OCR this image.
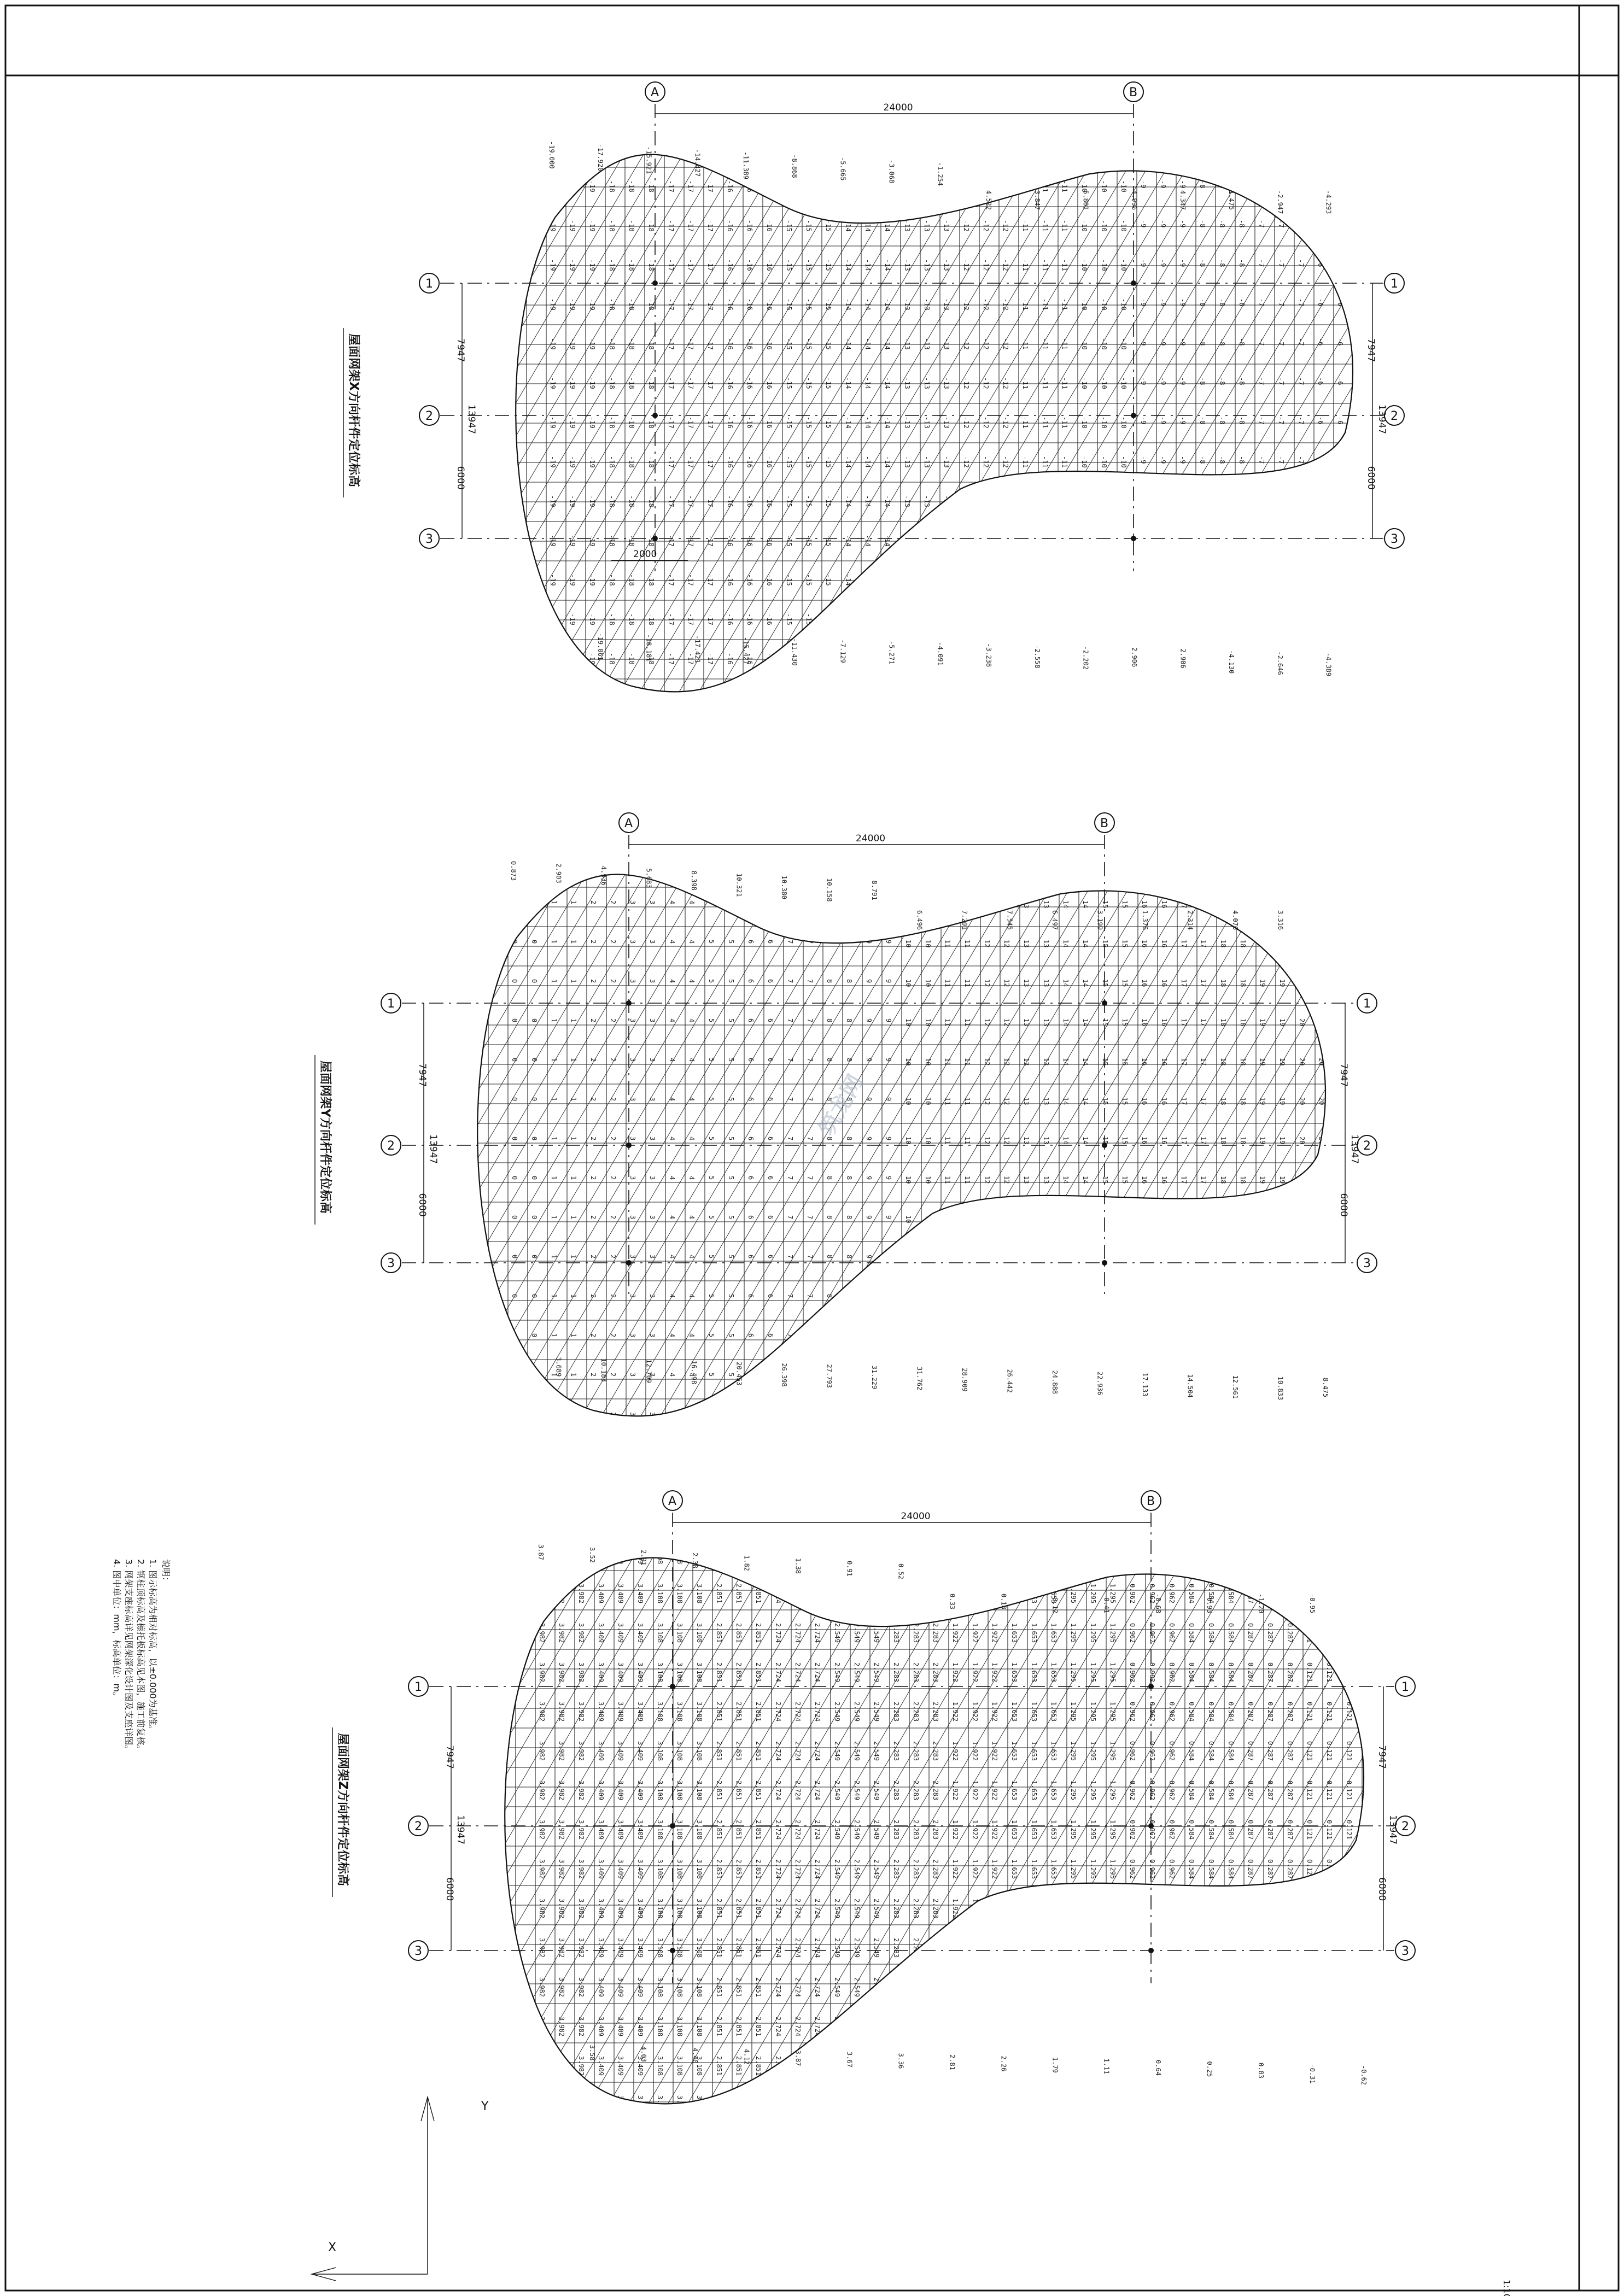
-19
-19
-19
-19
-19
-19
-19
-19
-19
-19
-19
-19
-19
-19
-19
-19
-19
-19
-19
-19
-19
-19
-19
-19
-19
-19
-19
-19
-19
-19
-19
-19
-19
-19
-19
-19
-19
-19
-19
-19
-19
-19
-19
-19
-19
-18
-18
-18
-18
-18
-18
-18
-18
-18
-18
-18
-18
-18
-18
-18
-18
-18
-18
-18
-18
-18
-18
-18
-18
-18
-18
-18
-18
-18
-18
-18
-18
-18
-18
-18
-18
-18
-18
-18
-18
-18
-18
-18
-18
-18
-17
-17
-17
-17
-17
-17
-17
-17
-17
-17
-17
-17
-17
-17
-17
-17
-17
-17
-17
-17
-17
-17
-17
-17
-17
-17
-17
-17
-17
-17
-17
-17
-17
-17
-17
-17
-17
-17
-17
-17
-17
-17
-17
-17
-17
-16
-16
-16
-16
-16
-16
-16
-16
-16
-16
-16
-16
-16
-16
-16
-16
-16
-16
-16
-16
-16
-16
-16
-16
-16
-16
-16
-16
-16
-16
-16
-16
-16
-16
-16
-16
-16
-16
-16
-16
-16
-16
-16
-16
-16
-15
-15
-15
-15
-15
-15
-15
-15
-15
-15
-15
-15
-15
-15
-15
-15
-15
-15
-15
-15
-15
-15
-15
-15
-15
-15
-15
-15
-15
-15
-15
-15
-15
-15
-15
-15
-15
-15
-15
-15
-15
-15
-15
-15
-15
-14
-14
-14
-14
-14
-14
-14
-14
-14
-14
-14
-14
-14
-14
-14
-14
-14
-14
-14
-14
-14
-14
-14
-14
-14
-14
-14
-14
-14
-14
-14
-14
-14
-14
-14
-14
-14
-14
-14
-14
-14
-14
-14
-14
-14
-13
-13
-13
-13
-13
-13
-13
-13
-13
-13
-13
-13
-13
-13
-13
-13
-13
-13
-13
-13
-13
-13
-13
-13
-13
-13
-13
-13
-13
-13
-13
-13
-13
-13
-13
-13
-13
-13
-13
-13
-13
-13
-13
-13
-13
-12
-12
-12
-12
-12
-12
-12
-12
-12
-12
-12
-12
-12
-12
-12
-12
-12
-12
-12
-12
-12
-12
-12
-12
-12
-12
-12
-12
-12
-12
-12
-12
-12
-12
-12
-12
-12
-12
-12
-12
-12
-12
-12
-12
-12
-11
-11
-11
-11
-11
-11
-11
-11
-11
-11
-11
-11
-11
-11
-11
-11
-11
-11
-11
-11
-11
-11
-11
-11
-11
-11
-11
-11
-11
-11
-11
-11
-11
-11
-11
-11
-11
-11
-11
-11
-11
-11
-11
-11
-11
-10
-10
-10
-10
-10
-10
-10
-10
-10
-10
-10
-10
-10
-10
-10
-10
-10
-10
-10
-10
-10
-10
-10
-10
-10
-10
-10
-10
-10
-10
-10
-10
-10
-10
-10
-10
-10
-10
-10
-10
-10
-10
-10
-10
-10
-9
-9
-9
-9
-9
-9
-9
-9
-9
-9
-9
-9
-9
-9
-9
-9
-9
-9
-9
-9
-9
-9
-9
-9
-9
-9
-9
-9
-9
-9
-9
-9
-9
-9
-9
-9
-9
-9
-9
-9
-9
-9
-9
-9
-9
-8
-8
-8
-8
-8
-8
-8
-8
-8
-8
-8
-8
-8
-8
-8
-8
-8
-8
-8
-8
-8
-8
-8
-8
-8
-8
-8
-8
-8
-8
-8
-8
-8
-8
-8
-8
-8
-8
-8
-8
-8
-8
-8
-8
-8
-7
-7
-7
-7
-7
-7
-7
-7
-7
-7
-7
-7
-7
-7
-7
-7
-7
-7
-7
-7
-7
-7
-7
-7
-7
-7
-7
-7
-7
-7
-7
-7
-7
-7
-7
-7
-7
-7
-7
-7
-7
-7
-7
-7
-7
-6
-6
-6
-6
-6
-6
-6
-6
-6
-6
-6
-6
-6
-6
-6
-6
-6
-6
-6
-6
-6
-6
-6
-6
-6
-6
-6
-6
-6
-6
-19.000	-17.920	-15.921	-14.427	-11.389	-8.868	-5.665	-3.068	-1.254
4.522	3.847	5.801	4.996	4.347	1.475	-2.947	-4.293
-4.389
-2.646
-4.130
2.906
2.906
-2.202
-2.558
-3.238
-4.091
-5.271
-7.129
-11.430
-15.427
-17.421
-18.181
-19.061
A	B
1	1
2	2
3	3
24000
7947
13947
6000
7947
13947
6000
2000
屋面网架X方向杆件定位标高
0
0
0
0
0
0
0
0
0
0
0
0
0
0
0
0
0
0
0
0
0
0
0
0
0
0
0
0
0
0
1
1
1
1
1
1
1
1
1
1
1
1
1
1
1
1
1
1
1
1
1
1
1
1
1
1
1
1
1
1
2
2
2
2
2
2
2
2
2
2
2
2
2
2
2
2
2
2
2
2
2
2
2
2
2
2
2
2
2
2
3
3
3
3
3
3
3
3
3
3
3
3
3
3
3
3
3
3
3
3
3
3
3
3
3
3
3
3
3
3
4
4
4
4
4
4
4
4
4
4
4
4
4
4
4
4
4
4
4
4
4
4
4
4
4
4
4
4
4
4
5
5
5
5
5
5
5
5
5
5
5
5
5
5
5
5
5
5
5
5
5
5
5
5
5
5
5
5
5
5
6
6
6
6
6
6
6
6
6
6
6
6
6
6
6
6
6
6
6
6
6
6
6
6
6
6
6
6
6
6
7
7
7
7
7
7
7
7
7
7
7
7
7
7
7
7
7
7
7
7
7
7
7
7
7
7
7
7
7
7
8
8
8
8
8
8
8
8
8
8
8
8
8
8
8
8
8
8
8
8
8
8
8
8
8
8
8
8
8
8
9
9
9
9
9
9
9
9
9
9
9
9
9
9
9
9
9
9
9
9
9
9
9
9
9
9
9
9
9
9
10
10
10
10
10
10
10
10
10
10
10
10
10
10
10
10
10
10
10
10
10
10
10
10
10
10
10
10
10
10
11
11
11
11
11
11
11
11
11
11
11
11
11
11
11
11
11
11
11
11
11
11
11
11
11
11
11
11
11
11
12
12
12
12
12
12
12
12
12
12
12
12
12
12
12
12
12
12
12
12
12
12
12
12
12
12
12
12
12
12
13
13
13
13
13
13
13
13
13
13
13
13
13
13
13
13
13
13
13
13
13
13
13
13
13
13
13
13
13
13
14
14
14
14
14
14
14
14
14
14
14
14
14
14
14
14
14
14
14
14
14
14
14
14
14
14
14
14
14
14
15
15
15
15
15
15
15
15
15
15
15
15
15
15
15
15
15
15
15
15
15
15
15
15
15
15
15
15
15
15
16
16
16
16
16
16
16
16
16
16
16
16
16
16
16
16
16
16
16
16
16
16
16
16
16
16
16
16
16
16
17
17
17
17
17
17
17
17
17
17
17
17
17
17
17
17
17
17
17
17
17
17
17
17
17
17
17
17
17
17
18
18
18
18
18
18
18
18
18
18
18
18
18
18
18
18
18
18
18
18
18
18
18
18
18
18
18
18
18
18
19
19
19
19
19
19
19
19
19
19
19
19
19
19
19
19
19
19
19
19
19
19
19
19
19
19
19
19
19
19
20
20
20
20
20
20
20
20
20
20
20
20
20
20
20
20
20
20
20
20
20
20
20
20
20
20
20
20
20
20
0.873	2.903	4.936	5.683	8.398	10.321	10.380	10.158	8.791
6.496	7.201	7.545	6.497	3.199	1.376	2.314	4.076	3.316
8.475
10.833
12.561
14.504
17.133
22.936
24.888
26.442
28.909
31.762
31.229
27.793
26.398
20.453
16.498
12.709
10.183
3.689
A	B
1	1
2	2
3	3
24000
7947
13947
6000
7947
13947
6000
屋面网架Y方向杆件定位标高
3.982
3.982
3.982
3.982
3.982
3.982
3.982
3.982
3.982
3.982
3.982
3.982
3.982
3.982
3.982
3.982
3.982
3.982
3.982
3.982
3.982
3.982
3.982
3.982
3.982
3.982
3.982
3.982
3.982
3.982
3.982
3.982
3.982
3.982
3.982
3.982
3.982
3.982
3.982
3.982
3.982
3.982
3.982
3.982
3.982
3.409
3.409
3.409
3.409
3.409
3.409
3.409
3.409
3.409
3.409
3.409
3.409
3.409
3.409
3.409
3.409
3.409
3.409
3.409
3.409
3.409
3.409
3.409
3.409
3.409
3.409
3.409
3.409
3.409
3.409
3.409
3.409
3.409
3.409
3.409
3.409
3.409
3.409
3.409
3.409
3.409
3.409
3.409
3.409
3.409
3.108
3.108
3.108
3.108
3.108
3.108
3.108
3.108
3.108
3.108
3.108
3.108
3.108
3.108
3.108
3.108
3.108
3.108
3.108
3.108
3.108
3.108
3.108
3.108
3.108
3.108
3.108
3.108
3.108
3.108
3.108
3.108
3.108
3.108
3.108
3.108
3.108
3.108
3.108
3.108
3.108
3.108
3.108
3.108
3.108
2.851
2.851
2.851
2.851
2.851
2.851
2.851
2.851
2.851
2.851
2.851
2.851
2.851
2.851
2.851
2.851
2.851
2.851
2.851
2.851
2.851
2.851
2.851
2.851
2.851
2.851
2.851
2.851
2.851
2.851
2.851
2.851
2.851
2.851
2.851
2.851
2.851
2.851
2.851
2.851
2.851
2.851
2.851
2.851
2.851
2.724
2.724
2.724
2.724
2.724
2.724
2.724
2.724
2.724
2.724
2.724
2.724
2.724
2.724
2.724
2.724
2.724
2.724
2.724
2.724
2.724
2.724
2.724
2.724
2.724
2.724
2.724
2.724
2.724
2.724
2.724
2.724
2.724
2.724
2.724
2.724
2.724
2.724
2.724
2.724
2.724
2.724
2.724
2.724
2.724
2.549
2.549
2.549
2.549
2.549
2.549
2.549
2.549
2.549
2.549
2.549
2.549
2.549
2.549
2.549
2.549
2.549
2.549
2.549
2.549
2.549
2.549
2.549
2.549
2.549
2.549
2.549
2.549
2.549
2.549
2.549
2.549
2.549
2.549
2.549
2.549
2.549
2.549
2.549
2.549
2.549
2.549
2.549
2.549
2.549
2.283
2.283
2.283
2.283
2.283
2.283
2.283
2.283
2.283
2.283
2.283
2.283
2.283
2.283
2.283
2.283
2.283
2.283
2.283
2.283
2.283
2.283
2.283
2.283
2.283
2.283
2.283
2.283
2.283
2.283
2.283
2.283
2.283
2.283
2.283
2.283
2.283
2.283
2.283
2.283
2.283
2.283
2.283
2.283
2.283
1.922
1.922
1.922
1.922
1.922
1.922
1.922
1.922
1.922
1.922
1.922
1.922
1.922
1.922
1.922
1.922
1.922
1.922
1.922
1.922
1.922
1.922
1.922
1.922
1.922
1.922
1.922
1.922
1.922
1.922
1.922
1.922
1.922
1.922
1.922
1.922
1.922
1.922
1.922
1.922
1.922
1.922
1.922
1.922
1.922
1.653
1.653
1.653
1.653
1.653
1.653
1.653
1.653
1.653
1.653
1.653
1.653
1.653
1.653
1.653
1.653
1.653
1.653
1.653
1.653
1.653
1.653
1.653
1.653
1.653
1.653
1.653
1.653
1.653
1.653
1.653
1.653
1.653
1.653
1.653
1.653
1.653
1.653
1.653
1.653
1.653
1.653
1.653
1.653
1.653
1.295
1.295
1.295
1.295
1.295
1.295
1.295
1.295
1.295
1.295
1.295
1.295
1.295
1.295
1.295
1.295
1.295
1.295
1.295
1.295
1.295
1.295
1.295
1.295
1.295
1.295
1.295
1.295
1.295
1.295
1.295
1.295
1.295
1.295
1.295
1.295
1.295
1.295
1.295
1.295
1.295
1.295
1.295
1.295
1.295
0.962
0.962
0.962
0.962
0.962
0.962
0.962
0.962
0.962
0.962
0.962
0.962
0.962
0.962
0.962
0.962
0.962
0.962
0.962
0.962
0.962
0.962
0.962
0.962
0.962
0.962
0.962
0.962
0.962
0.962
0.962
0.962
0.962
0.962
0.962
0.962
0.962
0.962
0.962
0.962
0.962
0.962
0.962
0.962
0.962
0.584
0.584
0.584
0.584
0.584
0.584
0.584
0.584
0.584
0.584
0.584
0.584
0.584
0.584
0.584
0.584
0.584
0.584
0.584
0.584
0.584
0.584
0.584
0.584
0.584
0.584
0.584
0.584
0.584
0.584
0.584
0.584
0.584
0.584
0.584
0.584
0.584
0.584
0.584
0.584
0.584
0.584
0.584
0.584
0.584
0.287
0.287
0.287
0.287
0.287
0.287
0.287
0.287
0.287
0.287
0.287
0.287
0.287
0.287
0.287
0.287
0.287
0.287
0.287
0.287
0.287
0.287
0.287
0.287
0.287
0.287
0.287
0.287
0.287
0.287
0.287
0.287
0.287
0.287
0.287
0.287
0.287
0.287
0.287
0.287
0.287
0.287
0.287
0.287
0.287
0.121
0.121
0.121
0.121
0.121
0.121
0.121
0.121
0.121
0.121
0.121
0.121
0.121
0.121
0.121
0.121
0.121
0.121
0.121
0.121
0.121
0.121
0.121
0.121
0.121
0.121
0.121
0.121
0.121
0.121
0.121
0.121
0.121
0.121
0.121
0.121
0.121
0.121
0.121
0.121
0.121
0.121
0.121
0.121
0.121
0.003
0.003
0.003
0.003
0.003
0.003
0.003
0.003
0.003
0.003
0.003
0.003
0.003
0.003
0.003
3.87	3.52	2.91	2.38	1.82	1.38	0.91	0.52
0.33	0.18	-0.12	-0.41	-0.68	-0.93	-1.20	-0.95
-0.62
-0.31
0.03
0.25
0.64
1.11
1.79
2.26
2.81
3.36
3.67
3.87
4.12
4.40
4.03
3.58
A	B
1	1
2	2
3	3
24000
7947
13947
6000
7947
13947
6000
屋面网架Z方向杆件定位标高
说明：
1. 图示标高为相对标高，以±0.000为基准。
2. 钢柱顶标高及檩托板标高见本图，施工前复核。
3. 网架支座标高详见网架深化设计图及支座详图。
4. 图中单位：mm，标高单位：m。
Y
X
筑龙网
